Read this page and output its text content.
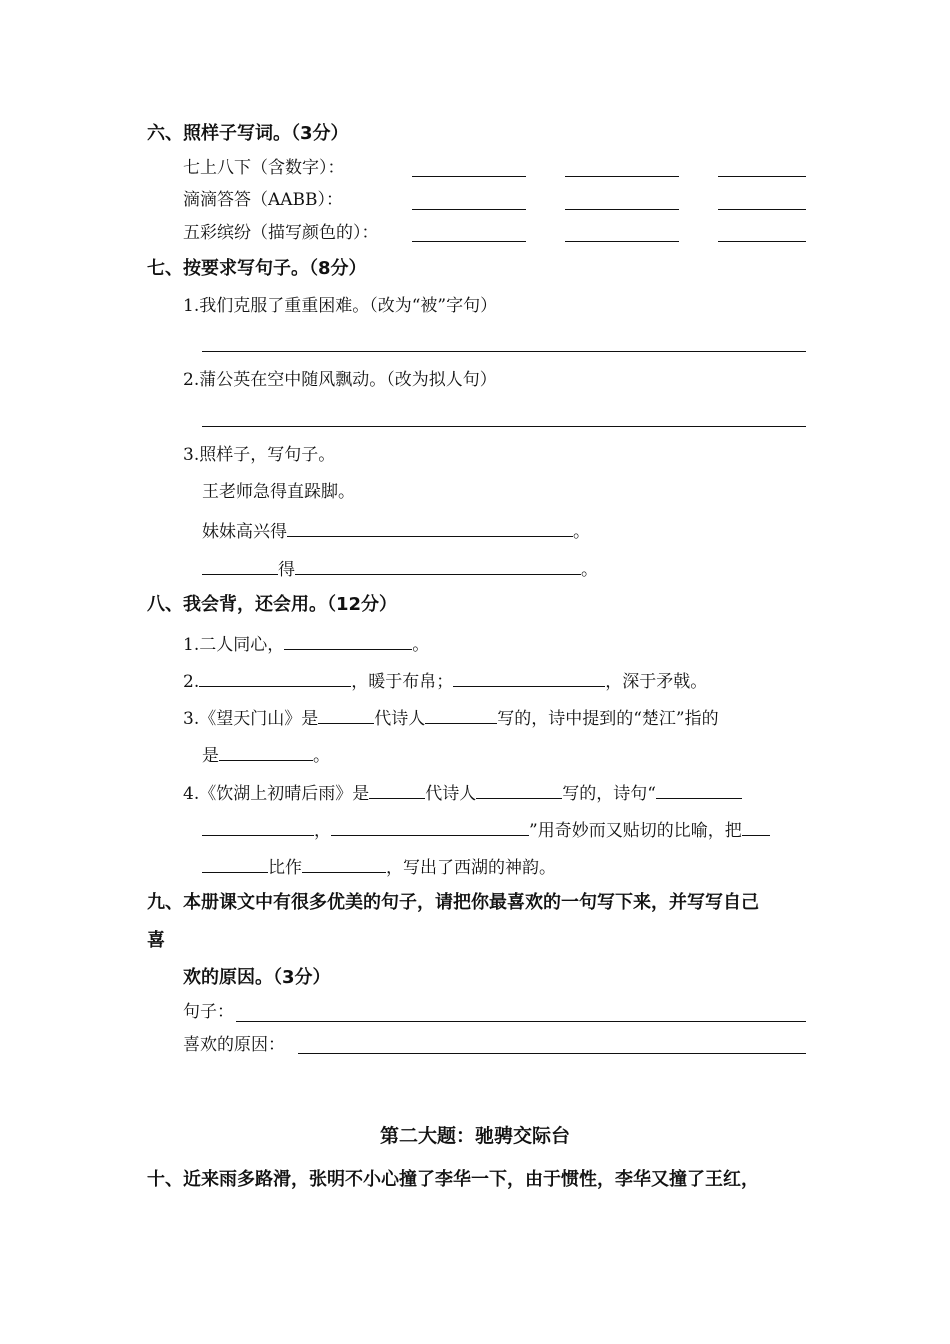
六、照样子写词。（3分）
七上八下（含数字）：
滴滴答答（AABB）：
五彩缤纷（描写颜色的）：
七、按要求写句子。（8分）
1.我们克服了重重困难。（改为“被”字句）
2.蒲公英在空中随风飘动。（改为拟人句）
3.照样子，写句子。
王老师急得直跺脚。
妹妹高兴得	。
得	。
八、我会背，还会用。（12分）
1.二人同心，	。
2.	，暖于布帛；	，深于矛戟。
3.《望天门山》是	代诗人	写的，诗中提到的“楚江”指的
是	。
4.《饮湖上初晴后雨》是	代诗人	写的，诗句“
，	”用奇妙而又贴切的比喻，把
比作	，写出了西湖的神韵。
九、本册课文中有很多优美的句子，请把你最喜欢的一句写下来，并写写自己
喜
欢的原因。（3分）
句子：
喜欢的原因：
第二大题：驰骋交际台
十、近来雨多路滑，张明不小心撞了李华一下，由于惯性，李华又撞了王红，
